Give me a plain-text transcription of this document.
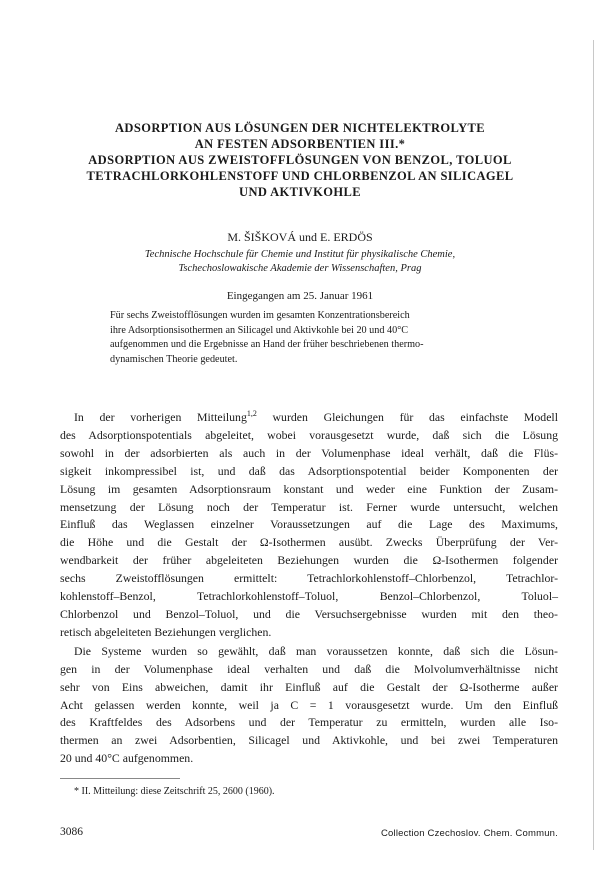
ADSORPTION AUS LÖSUNGEN DER NICHTELEKTROLYTE
AN FESTEN ADSORBENTIEN III.*
ADSORPTION AUS ZWEISTOFFLÖSUNGEN VON BENZOL, TOLUOL
TETRACHLORKOHLENSTOFF UND CHLORBENZOL AN SILICAGEL
UND AKTIVKOHLE
M. ŠIŠKOVÁ und E. ERDÖS
Technische Hochschule für Chemie und Institut für physikalische Chemie,
Tschechoslowakische Akademie der Wissenschaften, Prag
Eingegangen am 25. Januar 1961
Für sechs Zweistofflösungen wurden im gesamten Konzentrationsbereich
ihre Adsorptionsisothermen an Silicagel und Aktivkohle bei 20 und 40°C
aufgenommen und die Ergebnisse an Hand der früher beschriebenen thermo-
dynamischen Theorie gedeutet.
In der vorherigen Mitteilung$^{1,2}$ wurden Gleichungen für das einfachste Modell
des Adsorptionspotentials abgeleitet, wobei vorausgesetzt wurde, daß sich die Lösung
sowohl in der adsorbierten als auch in der Volumenphase ideal verhält, daß die Flüs-
sigkeit inkompressibel ist, und daß das Adsorptionspotential beider Komponenten der
Lösung im gesamten Adsorptionsraum konstant und weder eine Funktion der Zusam-
mensetzung der Lösung noch der Temperatur ist. Ferner wurde untersucht, welchen
Einfluß das Weglassen einzelner Voraussetzungen auf die Lage des Maximums,
die Höhe und die Gestalt der Ω-Isothermen ausübt. Zwecks Überprüfung der Ver-
wendbarkeit der früher abgeleiteten Beziehungen wurden die Ω-Isothermen folgender
sechs Zweistofflösungen ermittelt: Tetrachlorkohlenstoff–Chlorbenzol, Tetrachlor-
kohlenstoff–Benzol, Tetrachlorkohlenstoff–Toluol, Benzol–Chlorbenzol, Toluol–
Chlorbenzol und Benzol–Toluol, und die Versuchsergebnisse wurden mit den theo-
retisch abgeleiteten Beziehungen verglichen.
Die Systeme wurden so gewählt, daß man voraussetzen konnte, daß sich die Lösun-
gen in der Volumenphase ideal verhalten und daß die Molvolumverhältnisse nicht
sehr von Eins abweichen, damit ihr Einfluß auf die Gestalt der Ω-Isotherme außer
Acht gelassen werden konnte, weil ja C = 1 vorausgesetzt wurde. Um den Einfluß
des Kraftfeldes des Adsorbens und der Temperatur zu ermitteln, wurden alle Iso-
thermen an zwei Adsorbentien, Silicagel und Aktivkohle, und bei zwei Temperaturen
20 und 40°C aufgenommen.
* II. Mitteilung: diese Zeitschrift 25, 2600 (1960).
3086	Collection Czechoslov. Chem. Commun.
